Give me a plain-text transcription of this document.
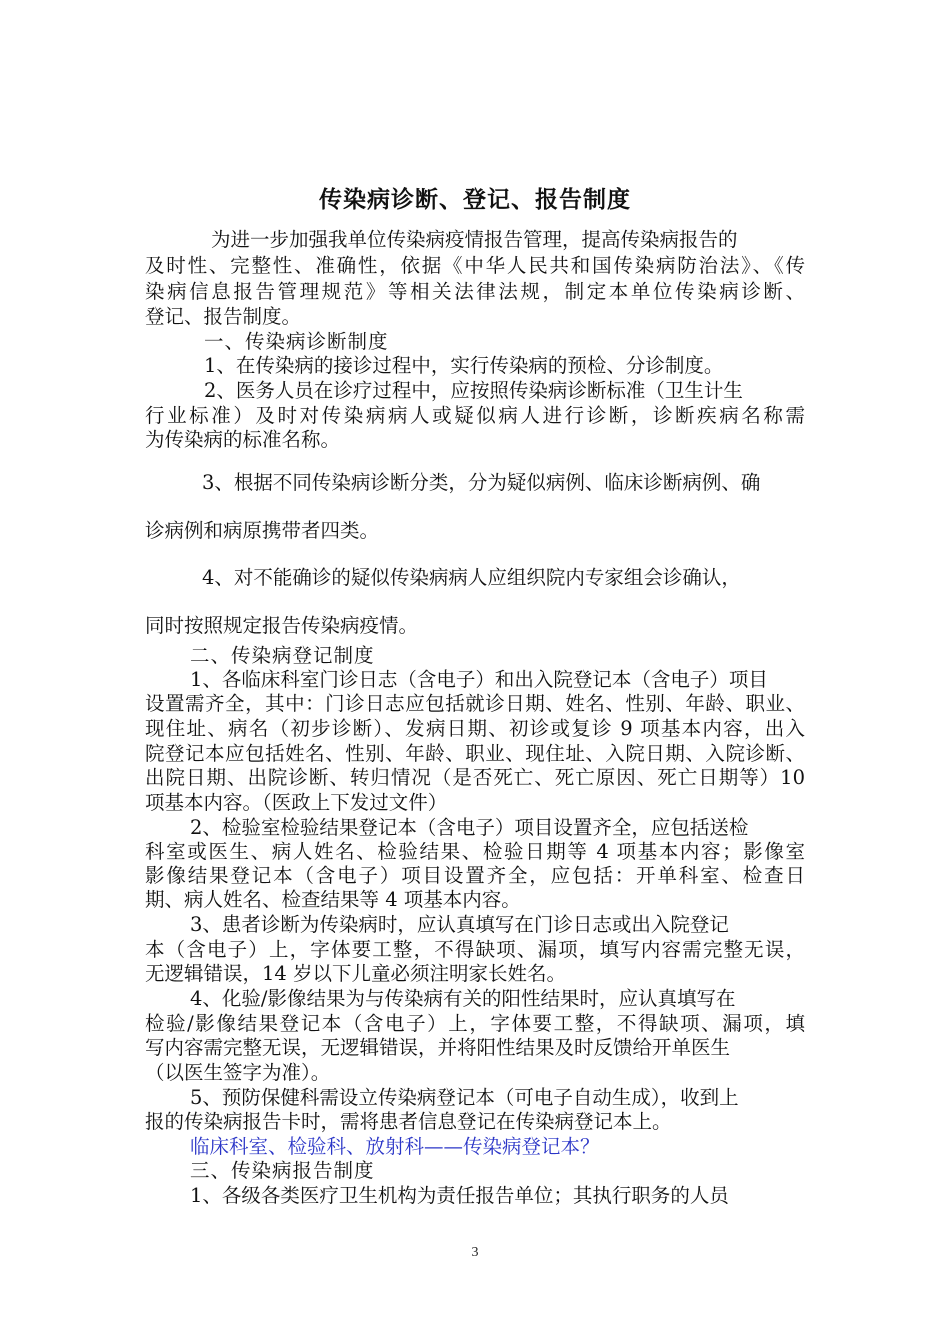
传染病诊断、登记、报告制度
为进一步加强我单位传染病疫情报告管理，提高传染病报告的
及时性、完整性、准确性，依据《中华人民共和国传染病防治法》、《传
染病信息报告管理规范》等相关法律法规，制定本单位传染病诊断、
登记、报告制度。
一、传染病诊断制度
1、在传染病的接诊过程中，实行传染病的预检、分诊制度。
2、医务人员在诊疗过程中，应按照传染病诊断标准（卫生计生
行业标准）及时对传染病病人或疑似病人进行诊断，诊断疾病名称需
为传染病的标准名称。
3、根据不同传染病诊断分类，分为疑似病例、临床诊断病例、确
诊病例和病原携带者四类。
4、对不能确诊的疑似传染病病人应组织院内专家组会诊确认，
同时按照规定报告传染病疫情。
二、传染病登记制度
1、各临床科室门诊日志（含电子）和出入院登记本（含电子）项目
设置需齐全，其中：门诊日志应包括就诊日期、姓名、性别、年龄、职业、
现住址、病名（初步诊断）、发病日期、初诊或复诊 9 项基本内容，出入
院登记本应包括姓名、性别、年龄、职业、现住址、入院日期、入院诊断、
出院日期、出院诊断、转归情况（是否死亡、死亡原因、死亡日期等）10
项基本内容。（医政上下发过文件）
2、检验室检验结果登记本（含电子）项目设置齐全，应包括送检
科室或医生、病人姓名、检验结果、检验日期等 4 项基本内容；影像室
影像结果登记本（含电子）项目设置齐全，应包括：开单科室、检查日
期、病人姓名、检查结果等 4 项基本内容。
3、患者诊断为传染病时，应认真填写在门诊日志或出入院登记
本（含电子）上，字体要工整，不得缺项、漏项，填写内容需完整无误，
无逻辑错误，14 岁以下儿童必须注明家长姓名。
4、化验/影像结果为与传染病有关的阳性结果时，应认真填写在
检验/影像结果登记本（含电子）上，字体要工整，不得缺项、漏项，填
写内容需完整无误，无逻辑错误，并将阳性结果及时反馈给开单医生
（以医生签字为准）。
5、预防保健科需设立传染病登记本（可电子自动生成），收到上
报的传染病报告卡时，需将患者信息登记在传染病登记本上。
临床科室、检验科、放射科——传染病登记本？
三、传染病报告制度
1、各级各类医疗卫生机构为责任报告单位；其执行职务的人员
3
